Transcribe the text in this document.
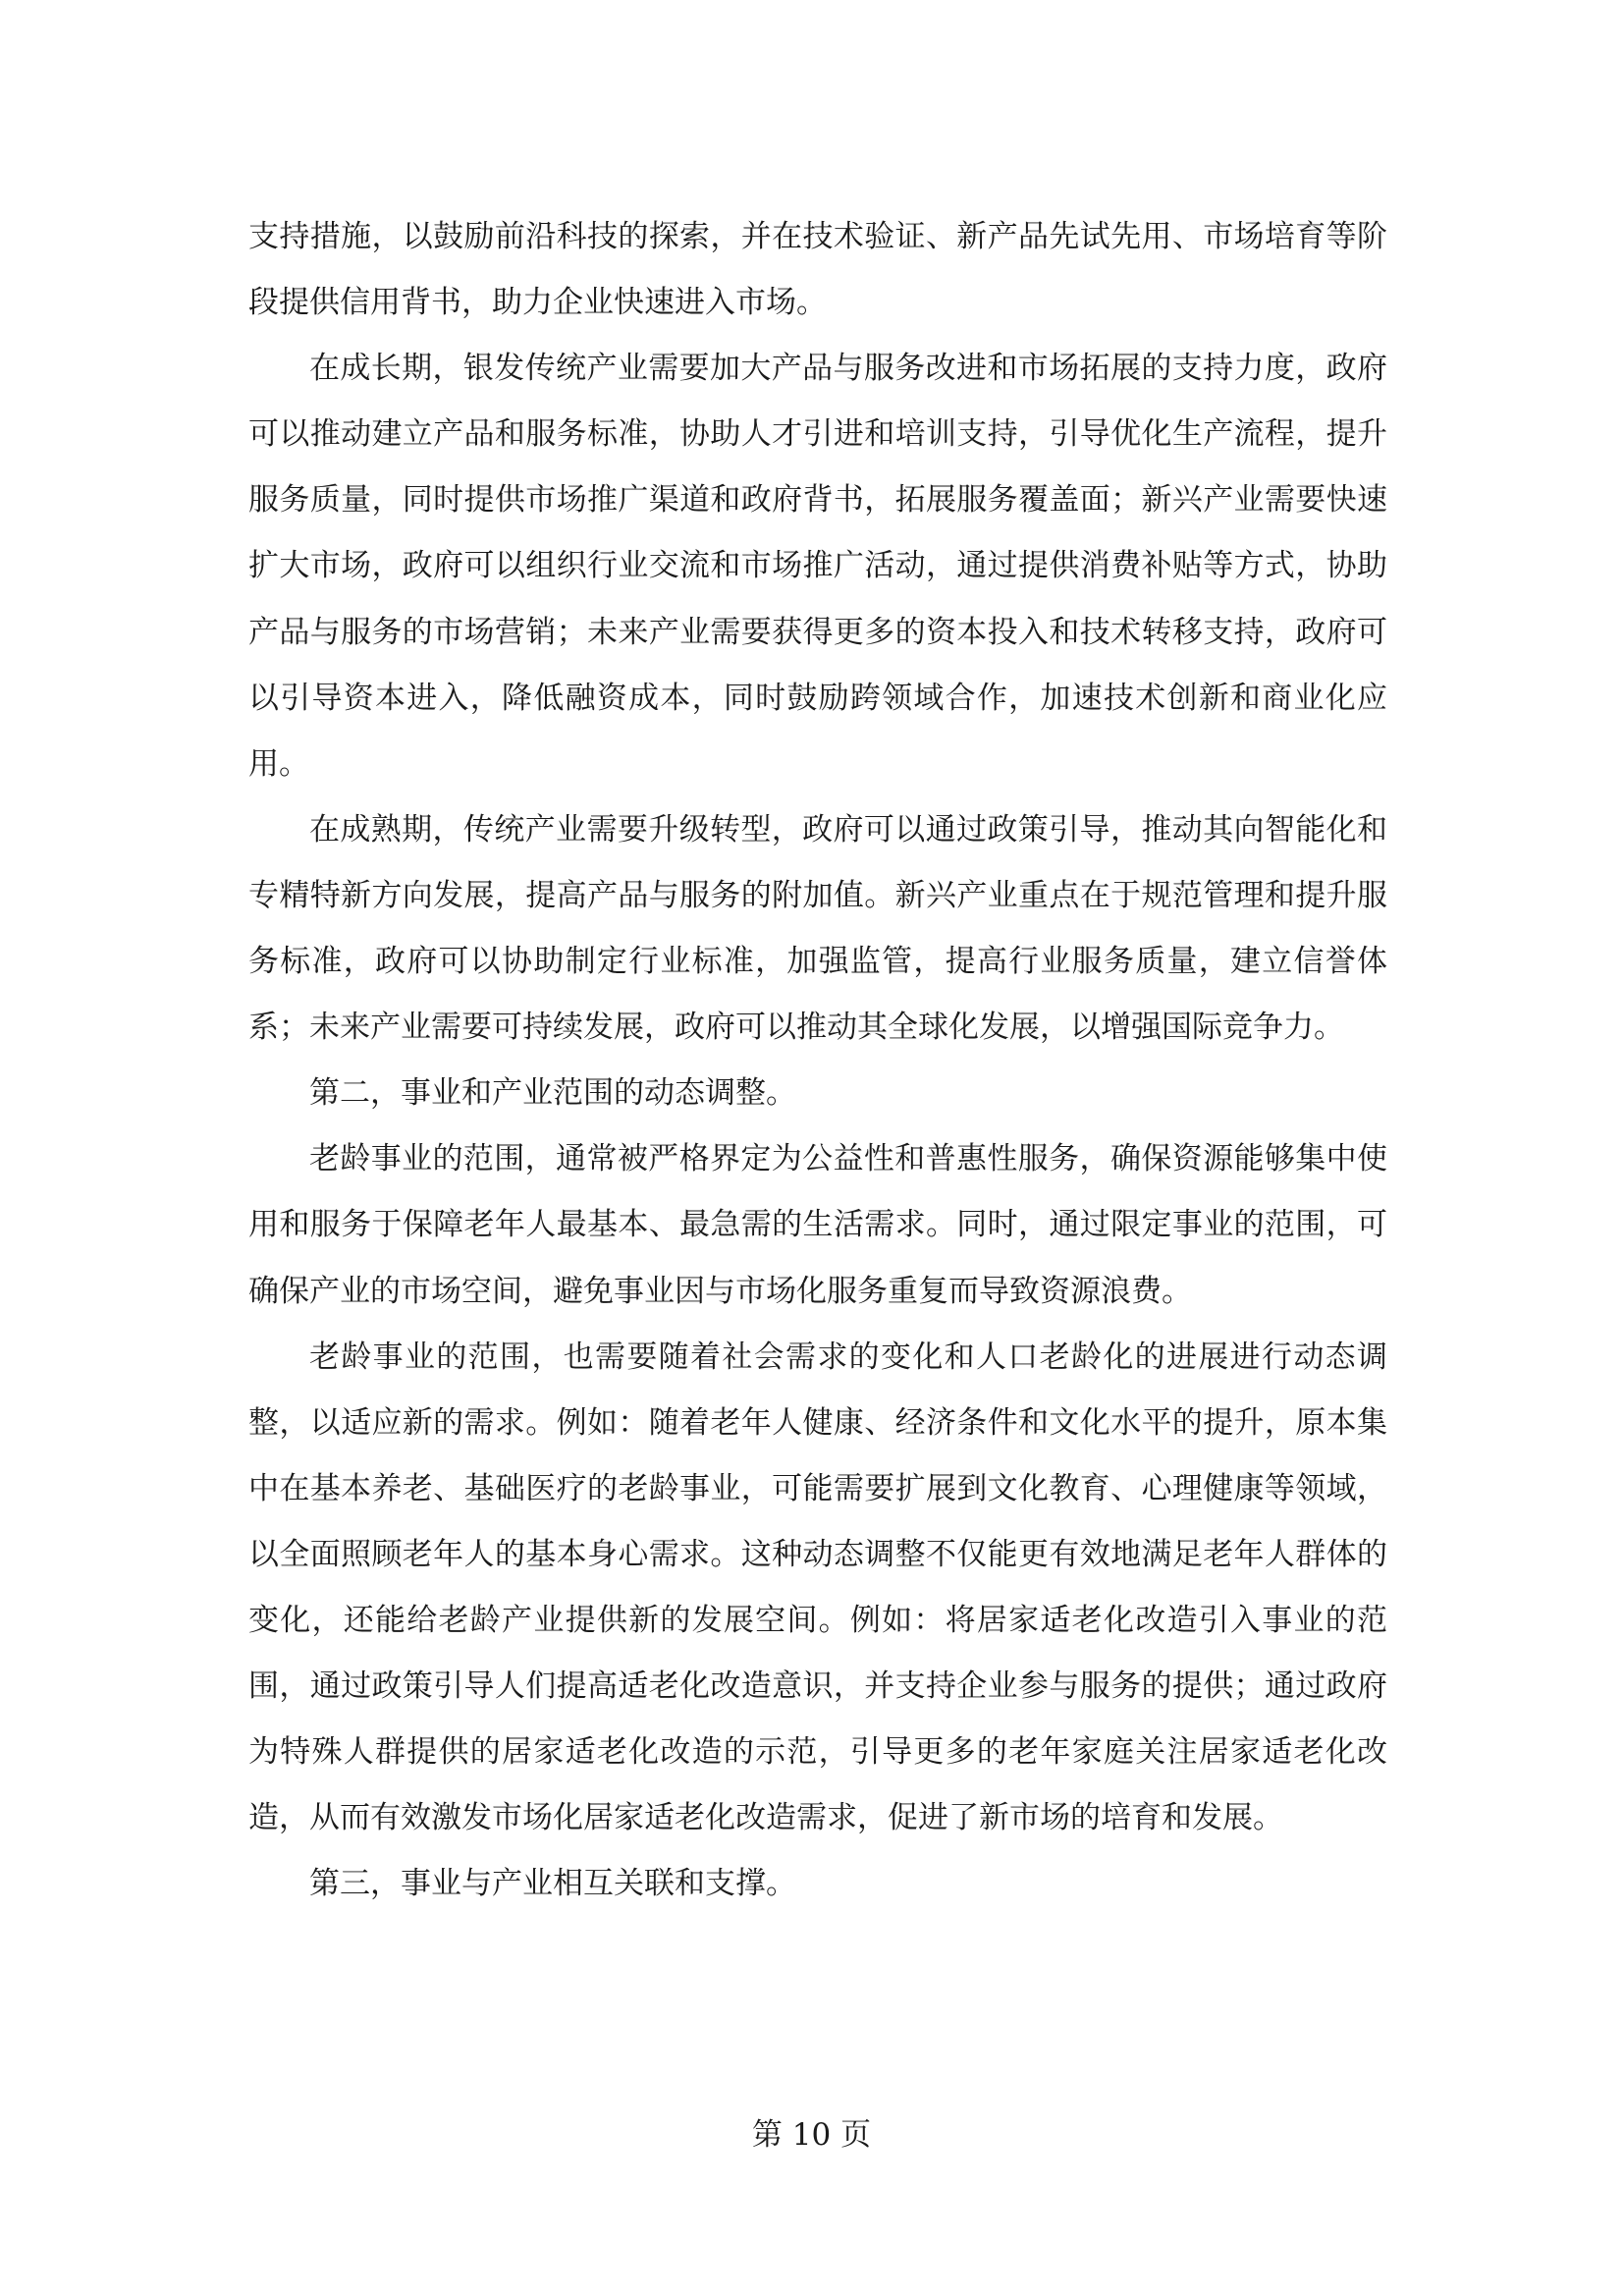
支持措施，以鼓励前沿科技的探索，并在技术验证、新产品先试先用、市场培育等阶段提供信用背书，助力企业快速进入市场。

在成长期，银发传统产业需要加大产品与服务改进和市场拓展的支持力度，政府可以推动建立产品和服务标准，协助人才引进和培训支持，引导优化生产流程，提升服务质量，同时提供市场推广渠道和政府背书，拓展服务覆盖面；新兴产业需要快速扩大市场，政府可以组织行业交流和市场推广活动，通过提供消费补贴等方式，协助产品与服务的市场营销；未来产业需要获得更多的资本投入和技术转移支持，政府可以引导资本进入，降低融资成本，同时鼓励跨领域合作，加速技术创新和商业化应用。

在成熟期，传统产业需要升级转型，政府可以通过政策引导，推动其向智能化和专精特新方向发展，提高产品与服务的附加值。新兴产业重点在于规范管理和提升服务标准，政府可以协助制定行业标准，加强监管，提高行业服务质量，建立信誉体系；未来产业需要可持续发展，政府可以推动其全球化发展，以增强国际竞争力。

第二，事业和产业范围的动态调整。

老龄事业的范围，通常被严格界定为公益性和普惠性服务，确保资源能够集中使用和服务于保障老年人最基本、最急需的生活需求。同时，通过限定事业的范围，可确保产业的市场空间，避免事业因与市场化服务重复而导致资源浪费。

老龄事业的范围，也需要随着社会需求的变化和人口老龄化的进展进行动态调整，以适应新的需求。例如：随着老年人健康、经济条件和文化水平的提升，原本集中在基本养老、基础医疗的老龄事业，可能需要扩展到文化教育、心理健康等领域，以全面照顾老年人的基本身心需求。这种动态调整不仅能更有效地满足老年人群体的变化，还能给老龄产业提供新的发展空间。例如：将居家适老化改造引入事业的范围，通过政策引导人们提高适老化改造意识，并支持企业参与服务的提供；通过政府为特殊人群提供的居家适老化改造的示范，引导更多的老年家庭关注居家适老化改造，从而有效激发市场化居家适老化改造需求，促进了新市场的培育和发展。

第三，事业与产业相互关联和支撑。

第 10 页
